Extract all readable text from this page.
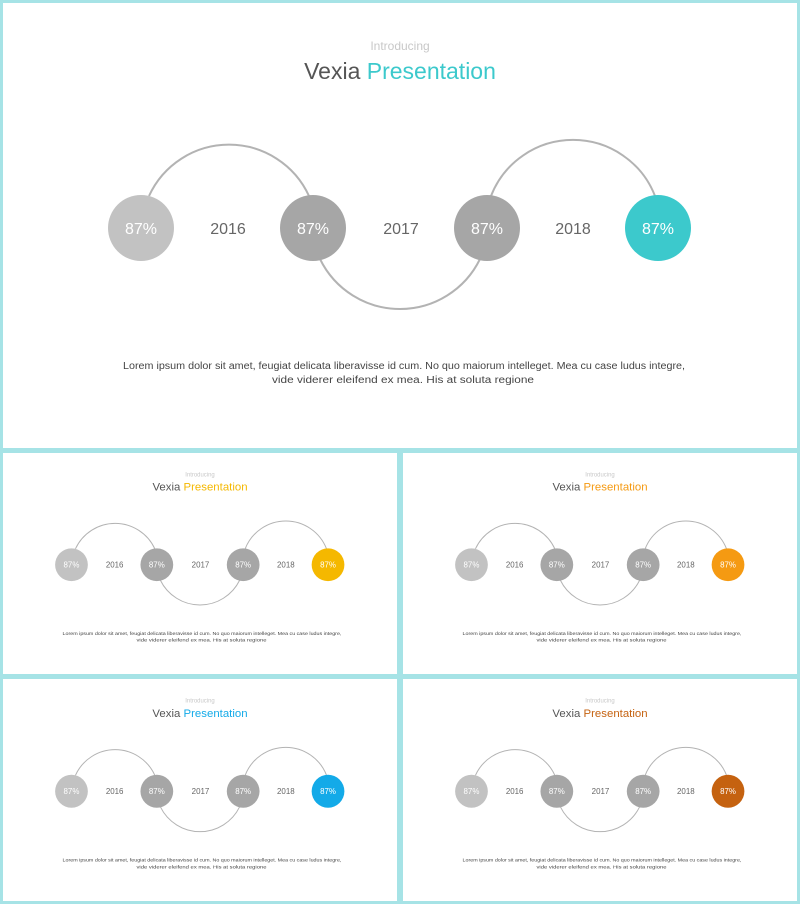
Introducing
Vexia Presentation
87%	87%	87%	87%
2016	2017	2018
Lorem ipsum dolor sit amet, feugiat delicata liberavisse id cum. No quo maiorum intelleget. Mea cu case ludus integre,
vide viderer eleifend ex mea. His at soluta regione
Introducing
Vexia Presentation
87%	87%	87%	87%
2016	2017	2018
Lorem ipsum dolor sit amet, feugiat delicata liberavisse id cum. No quo maiorum intelleget. Mea cu case ludus integre,
vide viderer eleifend ex mea. His at soluta regione
Introducing
Vexia Presentation
87%	87%	87%	87%
2016	2017	2018
Lorem ipsum dolor sit amet, feugiat delicata liberavisse id cum. No quo maiorum intelleget. Mea cu case ludus integre,
vide viderer eleifend ex mea. His at soluta regione
Introducing
Vexia Presentation
87%	87%	87%	87%
2016	2017	2018
Lorem ipsum dolor sit amet, feugiat delicata liberavisse id cum. No quo maiorum intelleget. Mea cu case ludus integre,
vide viderer eleifend ex mea. His at soluta regione
Introducing
Vexia Presentation
87%	87%	87%	87%
2016	2017	2018
Lorem ipsum dolor sit amet, feugiat delicata liberavisse id cum. No quo maiorum intelleget. Mea cu case ludus integre,
vide viderer eleifend ex mea. His at soluta regione
